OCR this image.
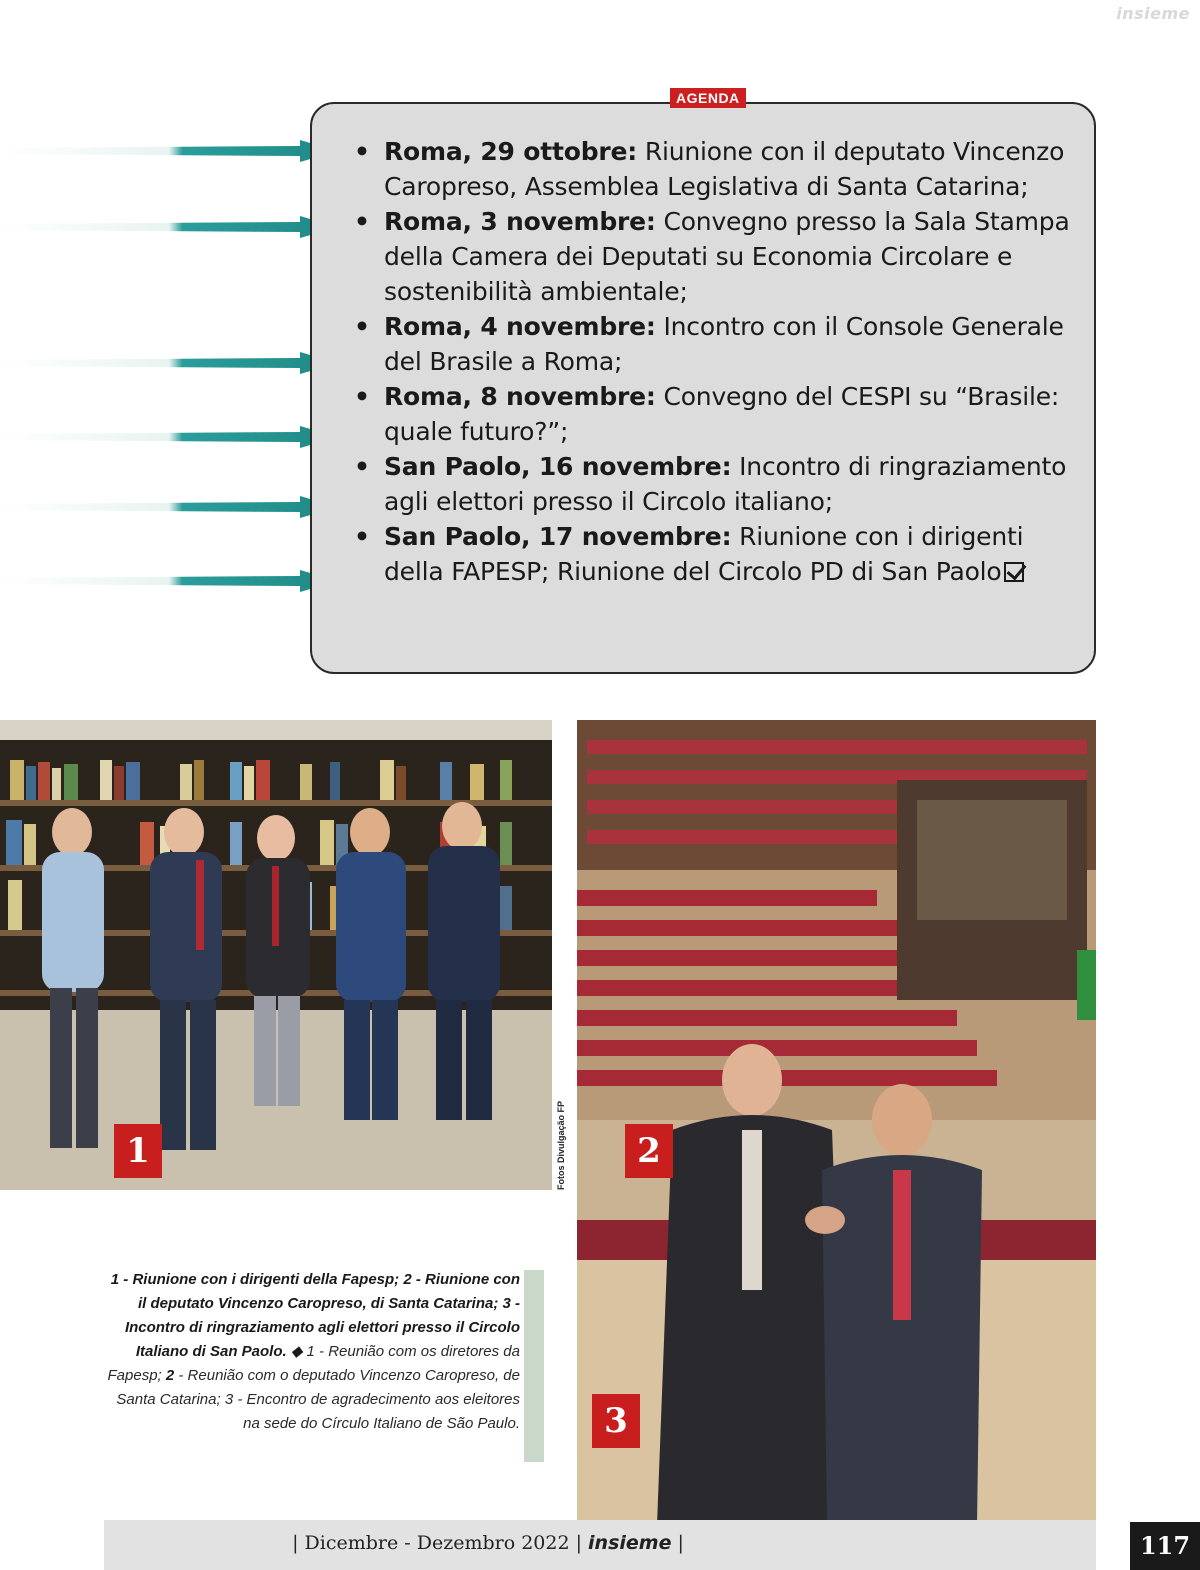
insieme
AGENDA
• Roma, 29 ottobre: Riunione con il deputato Vincenzo Caropreso, Assemblea Legislativa di Santa Catarina;
• Roma, 3 novembre: Convegno presso la Sala Stampa della Camera dei Deputati su Economia Circolare e sostenibilità ambientale;
• Roma, 4 novembre: Incontro con il Console Generale del Brasile a Roma;
• Roma, 8 novembre: Convegno del CESPI su “Brasile: quale futuro?”;
• San Paolo, 16 novembre: Incontro di ringraziamento agli elettori presso il Circolo italiano;
• San Paolo, 17 novembre: Riunione con i dirigenti della FAPESP; Riunione del Circolo PD di San Paolo
1	Fotos Divulgação FP	2
3
1 - Riunione con i dirigenti della Fapesp; 2 - Riunione con il deputato Vincenzo Caropreso, di Santa Catarina; 3 - Incontro di ringraziamento agli elettori presso il Circolo Italiano di San Paolo. ◆ 1 - Reunião com os diretores da Fapesp; 2 - Reunião com o deputado Vincenzo Caropreso, de Santa Catarina; 3 - Encontro de agradecimento aos eleitores na sede do Círculo Italiano de São Paulo.
| Dicembre - Dezembro 2022 | insieme |	117
